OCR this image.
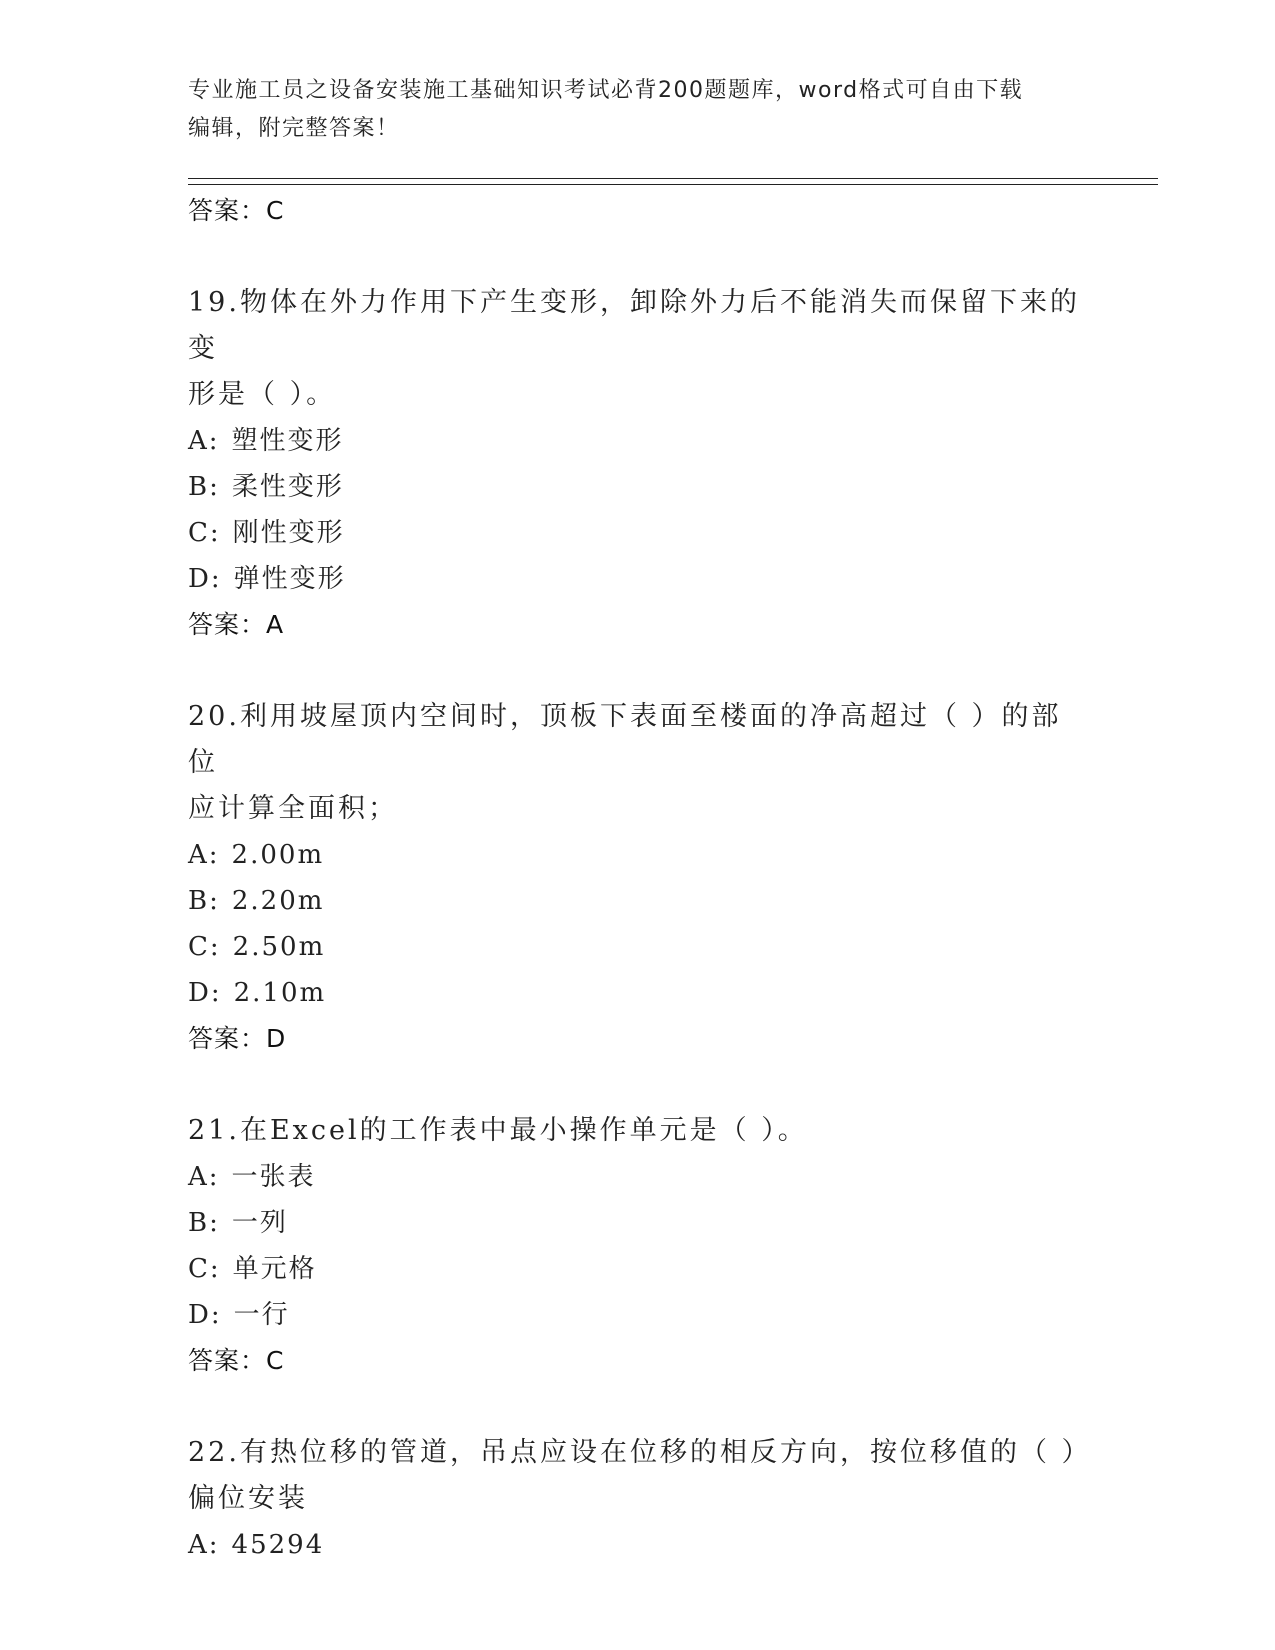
专业施工员之设备安装施工基础知识考试必背200题题库，word格式可自由下载
编辑，附完整答案！
答案：C
19.物体在外力作用下产生变形，卸除外力后不能消失而保留下来的变
形是（ ）。
A: 塑性变形
B: 柔性变形
C: 刚性变形
D: 弹性变形
答案：A
20.利用坡屋顶内空间时，顶板下表面至楼面的净高超过（ ）的部位
应计算全面积；
A: 2.00m
B: 2.20m
C: 2.50m
D: 2.10m
答案：D
21.在Excel的工作表中最小操作单元是（ ）。
A: 一张表
B: 一列
C: 单元格
D: 一行
答案：C
22.有热位移的管道，吊点应设在位移的相反方向，按位移值的（ ）
偏位安装
A: 45294
